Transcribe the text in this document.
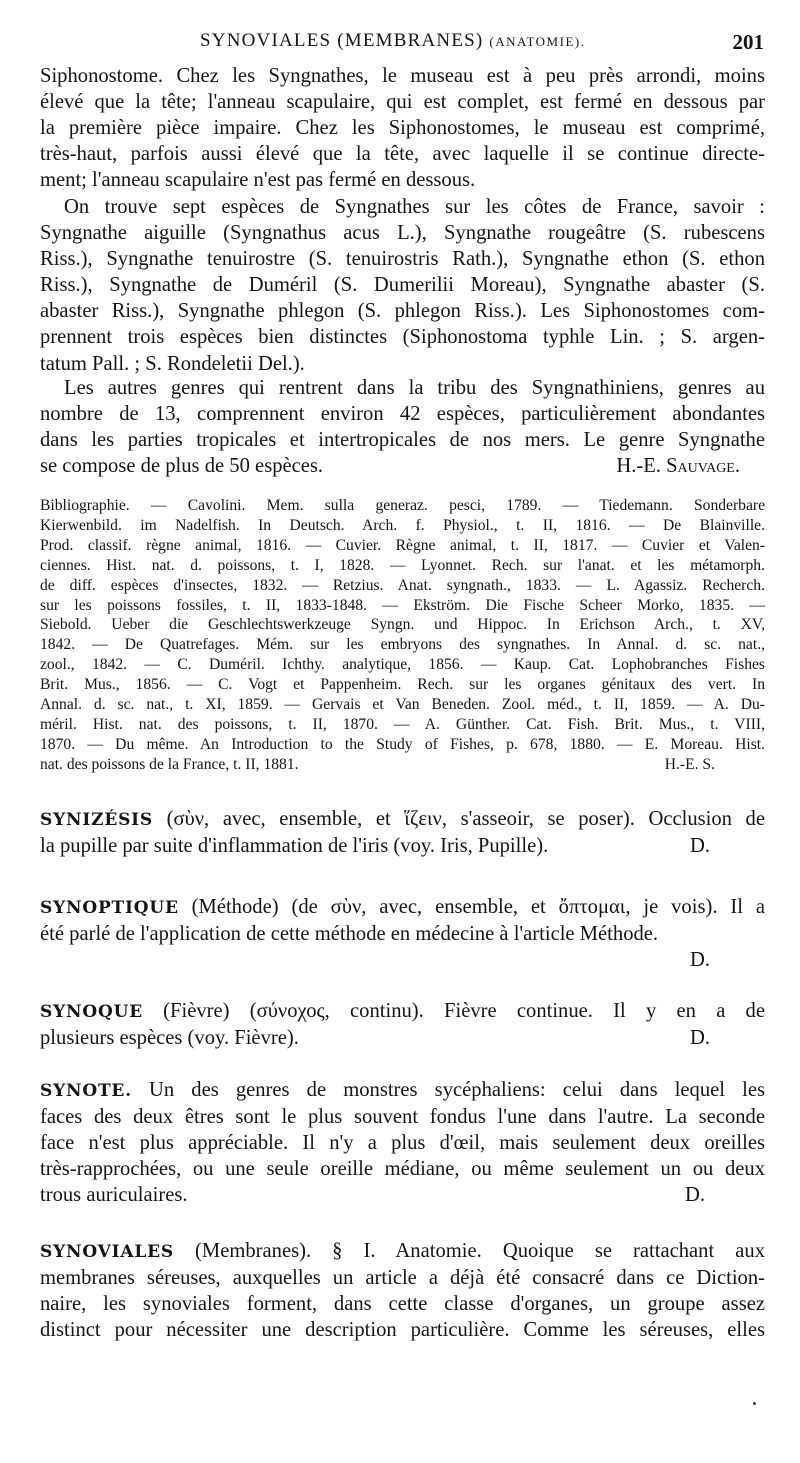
SYNOVIALES (MEMBRANES) (ANATOMIE).	201
Siphonostome. Chez les Syngnathes, le museau est à peu près arrondi, moins
élevé que la tête; l'anneau scapulaire, qui est complet, est fermé en dessous par
la première pièce impaire. Chez les Siphonostomes, le museau est comprimé,
très-haut, parfois aussi élevé que la tête, avec laquelle il se continue directe-
ment; l'anneau scapulaire n'est pas fermé en dessous.
On trouve sept espèces de Syngnathes sur les côtes de France, savoir :
Syngnathe aiguille (Syngnathus acus L.), Syngnathe rougeâtre (S. rubescens
Riss.), Syngnathe tenuirostre (S. tenuirostris Rath.), Syngnathe ethon (S. ethon
Riss.), Syngnathe de Duméril (S. Dumerilii Moreau), Syngnathe abaster (S.
abaster Riss.), Syngnathe phlegon (S. phlegon Riss.). Les Siphonostomes com-
prennent trois espèces bien distinctes (Siphonostoma typhle Lin. ; S. argen-
tatum Pall. ; S. Rondeletii Del.).
Les autres genres qui rentrent dans la tribu des Syngnathiniens, genres au
nombre de 13, comprennent environ 42 espèces, particulièrement abondantes
dans les parties tropicales et intertropicales de nos mers. Le genre Syngnathe
se compose de plus de 50 espèces.	H.-E. Sauvage.
Bibliographie. — Cavolini. Mem. sulla generaz. pesci, 1789. — Tiedemann. Sonderbare
Kierwenbild. im Nadelfish. In Deutsch. Arch. f. Physiol., t. II, 1816. — De Blainville.
Prod. classif. règne animal, 1816. — Cuvier. Règne animal, t. II, 1817. — Cuvier et Valen-
ciennes. Hist. nat. d. poissons, t. I, 1828. — Lyonnet. Rech. sur l'anat. et les métamorph.
de diff. espèces d'insectes, 1832. — Retzius. Anat. syngnath., 1833. — L. Agassiz. Recherch.
sur les poissons fossiles, t. II, 1833-1848. — Ekström. Die Fische Scheer Morko, 1835. —
Siebold. Ueber die Geschlechtswerkzeuge Syngn. und Hippoc. In Erichson Arch., t. XV,
1842. — De Quatrefages. Mém. sur les embryons des syngnathes. In Annal. d. sc. nat.,
zool., 1842. — C. Duméril. Ichthy. analytique, 1856. — Kaup. Cat. Lophobranches Fishes
Brit. Mus., 1856. — C. Vogt et Pappenheim. Rech. sur les organes génitaux des vert. In
Annal. d. sc. nat., t. XI, 1859. — Gervais et Van Beneden. Zool. méd., t. II, 1859. — A. Du-
méril. Hist. nat. des poissons, t. II, 1870. — A. Günther. Cat. Fish. Brit. Mus., t. VIII,
1870. — Du même. An Introduction to the Study of Fishes, p. 678, 1880. — E. Moreau. Hist.
nat. des poissons de la France, t. II, 1881.	H.-E. S.
SYNIZÉSIS (σὺν, avec, ensemble, et ἵζειν, s'asseoir, se poser). Occlusion de
la pupille par suite d'inflammation de l'iris (voy. Iris, Pupille).	D.
SYNOPTIQUE (Méthode) (de σὺν, avec, ensemble, et ὄπτομαι, je vois). Il a
été parlé de l'application de cette méthode en médecine à l'article Méthode.
D.
SYNOQUE (Fièvre) (σύνοχος, continu). Fièvre continue. Il y en a de
plusieurs espèces (voy. Fièvre).	D.
SYNOTE. Un des genres de monstres sycéphaliens: celui dans lequel les
faces des deux êtres sont le plus souvent fondus l'une dans l'autre. La seconde
face n'est plus appréciable. Il n'y a plus d'œil, mais seulement deux oreilles
très-rapprochées, ou une seule oreille médiane, ou même seulement un ou deux
trous auriculaires.	D.
SYNOVIALES (Membranes). § I. Anatomie. Quoique se rattachant aux
membranes séreuses, auxquelles un article a déjà été consacré dans ce Diction-
naire, les synoviales forment, dans cette classe d'organes, un groupe assez
distinct pour nécessiter une description particulière. Comme les séreuses, elles
